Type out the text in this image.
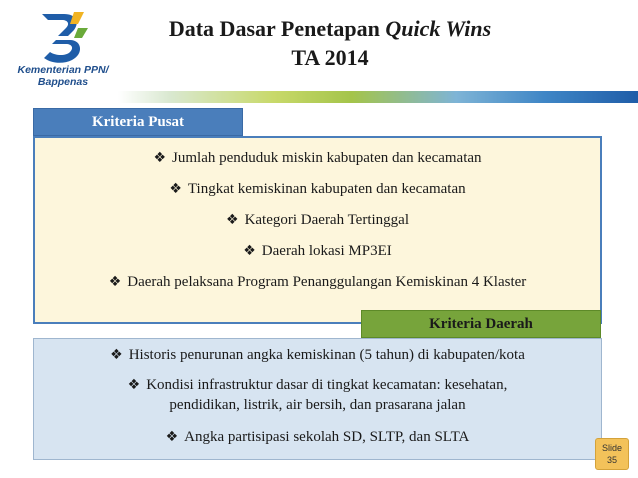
Kementerian PPN/
Bappenas
Data Dasar Penetapan Quick Wins
TA 2014
❖ Jumlah penduduk miskin kabupaten dan kecamatan
❖ Tingkat kemiskinan kabupaten dan kecamatan
❖ Kategori Daerah Tertinggal
❖ Daerah lokasi MP3EI
❖ Daerah pelaksana Program Penanggulangan Kemiskinan 4 Klaster
Kriteria Pusat
❖ Historis penurunan angka kemiskinan (5 tahun) di kabupaten/kota
❖ Kondisi infrastruktur dasar di tingkat kecamatan: kesehatan,
pendidikan, listrik, air bersih, dan prasarana jalan
❖ Angka partisipasi sekolah SD, SLTP, dan SLTA
Kriteria Daerah
Slide
35
